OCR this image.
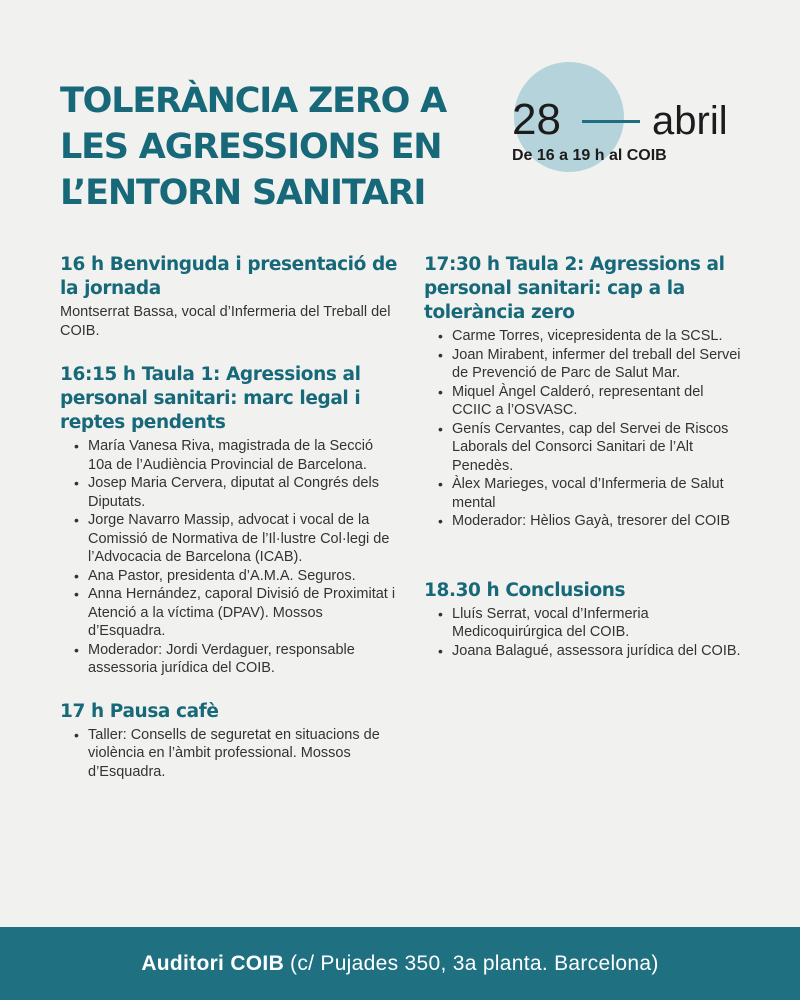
TOLERÀNCIA ZERO A
LES AGRESSIONS EN
L’ENTORN SANITARI
28 abril
De 16 a 19 h al COIB
16 h Benvinguda i presentació de la jornada
Montserrat Bassa, vocal d’Infermeria del Treball del COIB.
16:15 h Taula 1: Agressions al personal sanitari: marc legal i reptes pendents
• María Vanesa Riva, magistrada de la Secció 10a de l’Audiència Provincial de Barcelona.
• Josep Maria Cervera, diputat al Congrés dels Diputats.
• Jorge Navarro Massip, advocat i vocal de la Comissió de Normativa de l’Il·lustre Col·legi de l’Advocacia de Barcelona (ICAB).
• Ana Pastor, presidenta d’A.M.A. Seguros.
• Anna Hernández, caporal Divisió de Proximitat i Atenció a la víctima (DPAV). Mossos d’Esquadra.
• Moderador: Jordi Verdaguer, responsable assessoria jurídica del COIB.
17 h Pausa cafè
• Taller: Consells de seguretat en situacions de violència en l’àmbit professional. Mossos d’Esquadra.
17:30 h Taula 2: Agressions al personal sanitari: cap a la tolerància zero
• Carme Torres, vicepresidenta de la SCSL.
• Joan Mirabent, infermer del treball del Servei de Prevenció de Parc de Salut Mar.
• Miquel Àngel Calderó, representant del CCIIC a l’OSVASC.
• Genís Cervantes, cap del Servei de Riscos Laborals del Consorci Sanitari de l’Alt Penedès.
• Àlex Marieges, vocal d’Infermeria de Salut mental
• Moderador: Hèlios Gayà, tresorer del COIB
18.30 h Conclusions
• Lluís Serrat, vocal d’Infermeria Medicoquirúrgica del COIB.
• Joana Balagué, assessora jurídica del COIB.
Auditori COIB (c/ Pujades 350, 3a planta. Barcelona)
